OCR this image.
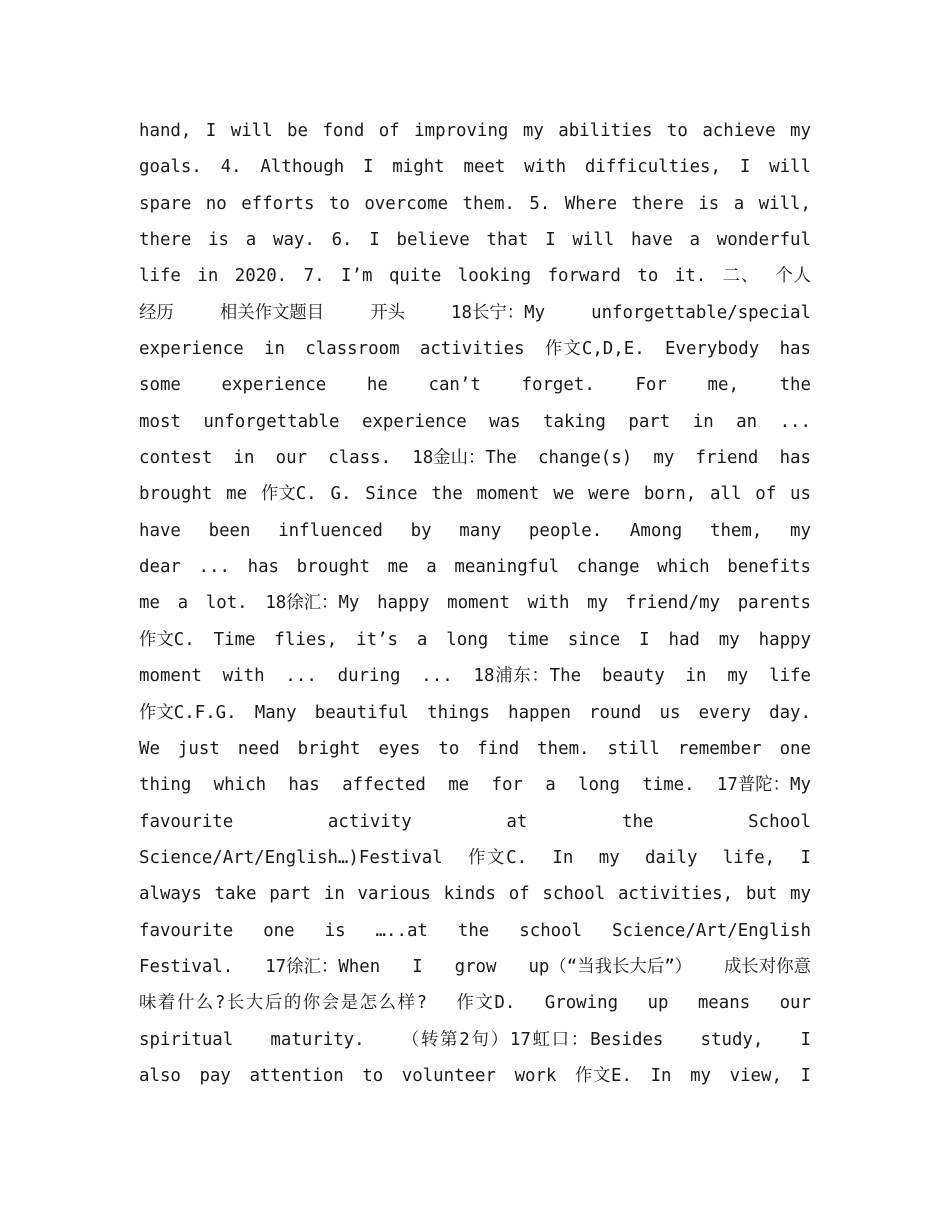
hand, I will be fond of improving my abilities to achieve my
goals. 4. Although I might meet with difficulties, I will
spare no efforts to overcome them. 5. Where there is a will,
there is a way. 6. I believe that I will have a wonderful
life in 2020. 7. I’m quite looking forward to it. 二、 个人
经历 相关作文题目 开头 18长宁：My unforgettable/special
experience in classroom activities 作文C,D,E. Everybody has
some experience he can’t forget. For me, the
most unforgettable experience was taking part in an ...
contest in our class. 18金山：The change(s) my friend has
brought me 作文C. G. Since the moment we were born, all of us
have been influenced by many people. Among them, my
dear ... has brought me a meaningful change which benefits
me a lot. 18徐汇：My happy moment with my friend/my parents
作文C. Time flies, it’s a long time since I had my happy
moment with ... during ... 18浦东：The beauty in my life
作文C.F.G. Many beautiful things happen round us every day.
We just need bright eyes to find them. still remember one
thing which has affected me for a long time. 17普陀：My
favourite activity at the School
Science/Art/English…)Festival 作文C. In my daily life, I
always take part in various kinds of school activities, but my
favourite one is …..at the school Science/Art/English
Festival. 17徐汇：When I grow up（“当我长大后”） 成长对你意
味着什么?长大后的你会是怎么样? 作文D. Growing up means our
spiritual maturity. （转第2句）17虹口：Besides study, I
also pay attention to volunteer work 作文E. In my view, I
